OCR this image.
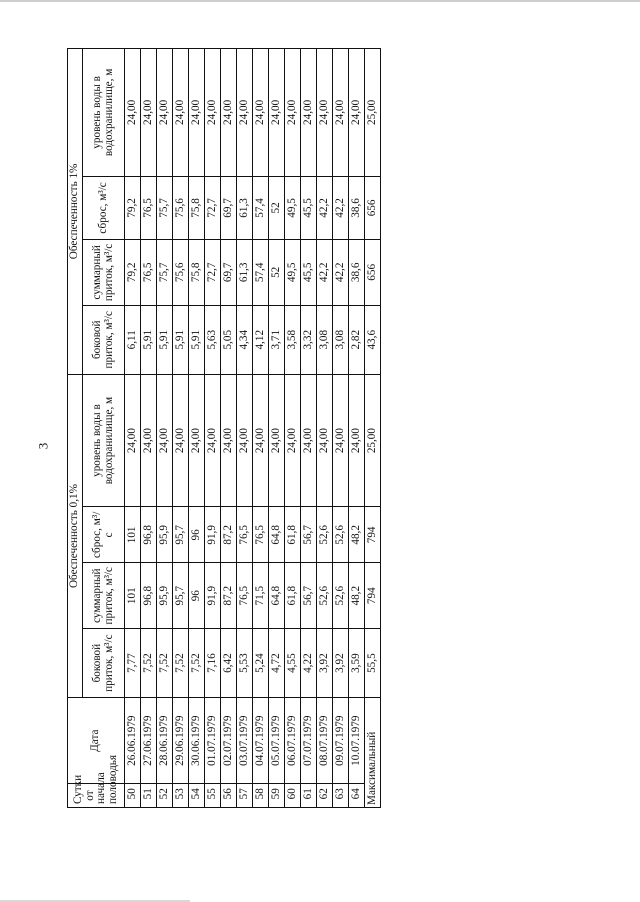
3
Сутки от начала половодья	Дата	Обеспеченность 0,1%				Обеспеченность 1%			
		боковой приток, м³/с	суммарный приток, м³/с	сброс, м³/с	уровень воды в водохранилище, м	боковой приток, м³/с	суммарный приток, м³/с	сброс, м³/с	уровень воды в водохранилище, м
50	26.06.1979	7,77	101	101	24,00	6,11	79,2	79,2	24,00
51	27.06.1979	7,52	96,8	96,8	24,00	5,91	76,5	76,5	24,00
52	28.06.1979	7,52	95,9	95,9	24,00	5,91	75,7	75,7	24,00
53	29.06.1979	7,52	95,7	95,7	24,00	5,91	75,6	75,6	24,00
54	30.06.1979	7,52	96	96	24,00	5,91	75,8	75,8	24,00
55	01.07.1979	7,16	91,9	91,9	24,00	5,63	72,7	72,7	24,00
56	02.07.1979	6,42	87,2	87,2	24,00	5,05	69,7	69,7	24,00
57	03.07.1979	5,53	76,5	76,5	24,00	4,34	61,3	61,3	24,00
58	04.07.1979	5,24	71,5	76,5	24,00	4,12	57,4	57,4	24,00
59	05.07.1979	4,72	64,8	64,8	24,00	3,71	52	52	24,00
60	06.07.1979	4,55	61,8	61,8	24,00	3,58	49,5	49,5	24,00
61	07.07.1979	4,22	56,7	56,7	24,00	3,32	45,5	45,5	24,00
62	08.07.1979	3,92	52,6	52,6	24,00	3,08	42,2	42,2	24,00
63	09.07.1979	3,92	52,6	52,6	24,00	3,08	42,2	42,2	24,00
64	10.07.1979	3,59	48,2	48,2	24,00	2,82	38,6	38,6	24,00
Максимальный		55,5	794	794	25,00	43,6	656	656	25,00
